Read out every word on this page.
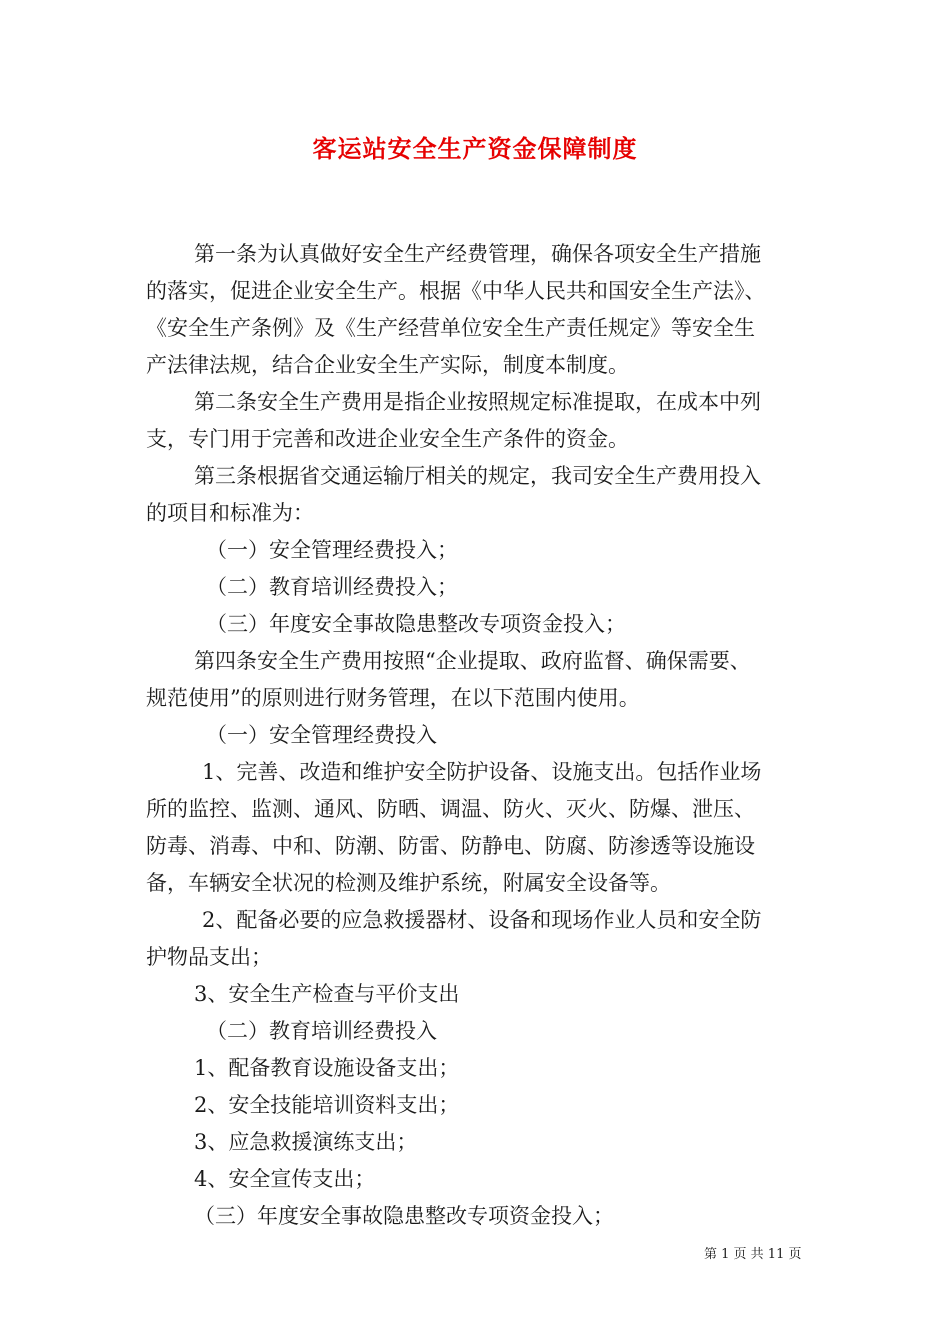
客运站安全生产资金保障制度

第一条为认真做好安全生产经费管理，确保各项安全生产措施

的落实，促进企业安全生产。根据《中华人民共和国安全生产法》、

《安全生产条例》及《生产经营单位安全生产责任规定》等安全生

产法律法规，结合企业安全生产实际，制度本制度。

第二条安全生产费用是指企业按照规定标准提取，在成本中列

支，专门用于完善和改进企业安全生产条件的资金。

第三条根据省交通运输厅相关的规定，我司安全生产费用投入

的项目和标准为：

（一）安全管理经费投入；

（二）教育培训经费投入；

（三）年度安全事故隐患整改专项资金投入；

第四条安全生产费用按照“企业提取、政府监督、确保需要、

规范使用”的原则进行财务管理，在以下范围内使用。

（一）安全管理经费投入

1、完善、改造和维护安全防护设备、设施支出。包括作业场

所的监控、监测、通风、防晒、调温、防火、灭火、防爆、泄压、

防毒、消毒、中和、防潮、防雷、防静电、防腐、防渗透等设施设

备，车辆安全状况的检测及维护系统，附属安全设备等。

2、配备必要的应急救援器材、设备和现场作业人员和安全防

护物品支出；

3、安全生产检查与平价支出

（二）教育培训经费投入

1、配备教育设施设备支出；

2、安全技能培训资料支出；

3、应急救援演练支出；

4、安全宣传支出；

（三）年度安全事故隐患整改专项资金投入；

第 1 页 共 11 页
